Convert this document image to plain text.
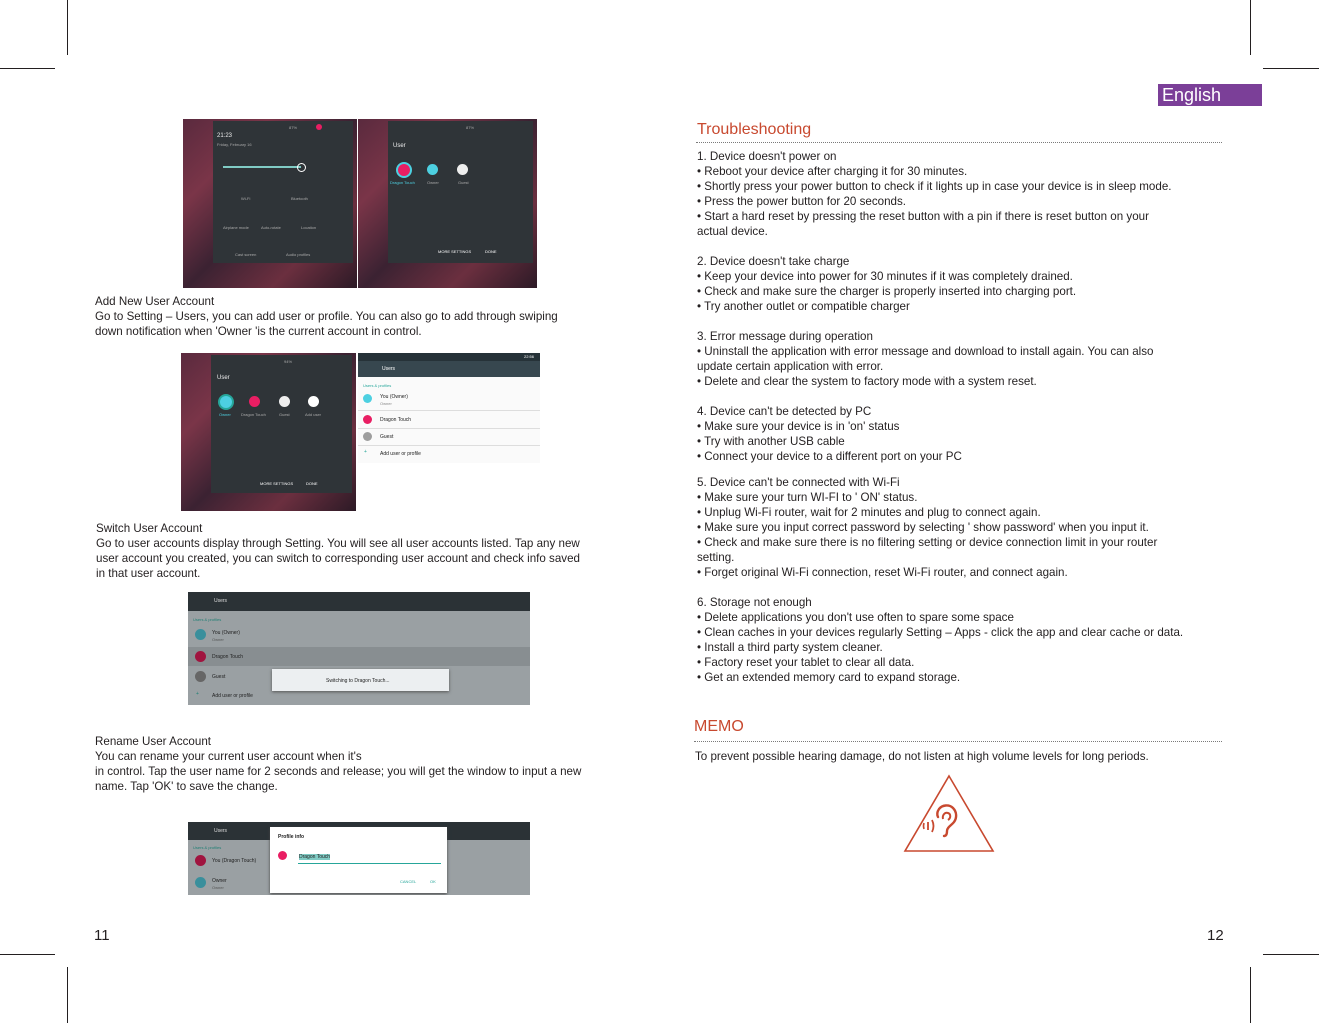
English
21:23
Friday, February 16
87%
Wi-Fi	Bluetooth
Airplane mode	Auto-rotate	Location
Cast screen	Audio profiles
User
87%
Dragon Touch	Owner	Guest
MORE SETTINGS	DONE
Add New User Account
Go to Setting – Users, you can add user or profile. You can also go to add through swiping
down notification when 'Owner 'is the current account in control.
User
94%
Owner	Dragon Touch	Guest	Add user
MORE SETTINGS	DONE
22:56
Users
Users & profiles
You (Owner)
Owner
Dragon Touch
Guest
+	Add user or profile
Switch User Account
Go to user accounts display through Setting. You will see all user accounts listed. Tap any new
user account you created, you can switch to corresponding user account and check info saved
in that user account.
Users
Users & profiles
You (Owner)
Owner
Dragon Touch
Guest
+	Add user or profile
Switching to Dragon Touch...
Rename User Account
You can rename your current user account when it's
in control. Tap the user name for 2 seconds and release; you will get the window to input a new
name. Tap 'OK' to save the change.
Users
Users & profiles
You (Dragon Touch)
Owner
Owner
Profile info
Dragon Touch
CANCEL	OK
11
Troubleshooting
1. Device doesn't power on
• Reboot your device after charging it for 30 minutes.
• Shortly press your power button to check if it lights up in case your device is in sleep mode.
• Press the power button for 20 seconds.
• Start a hard reset by pressing the reset button with a pin if there is reset button on your
actual device.
2. Device doesn't take charge
• Keep your device into power for 30 minutes if it was completely drained.
• Check and make sure the charger is properly inserted into charging port.
• Try another outlet or compatible charger
3. Error message during operation
• Uninstall the application with error message and download to install again. You can also
update certain application with error.
• Delete and clear the system to factory mode with a system reset.
4. Device can't be detected by PC
• Make sure your device is in 'on' status
• Try with another USB cable
• Connect your device to a different port on your PC
5. Device can't be connected with Wi-Fi
• Make sure your turn WI-FI to ' ON' status.
• Unplug Wi-Fi router, wait for 2 minutes and plug to connect again.
• Make sure you input correct password by selecting ' show password' when you input it.
• Check and make sure there is no filtering setting or device connection limit in your router
setting.
• Forget original Wi-Fi connection, reset Wi-Fi router, and connect again.
6. Storage not enough
• Delete applications you don't use often to spare some space
• Clean caches in your devices regularly Setting – Apps - click the app and clear cache or data.
• Install a third party system cleaner.
• Factory reset your tablet to clear all data.
• Get an extended memory card to expand storage.
MEMO
To prevent possible hearing damage, do not listen at high volume levels for long periods.
12
